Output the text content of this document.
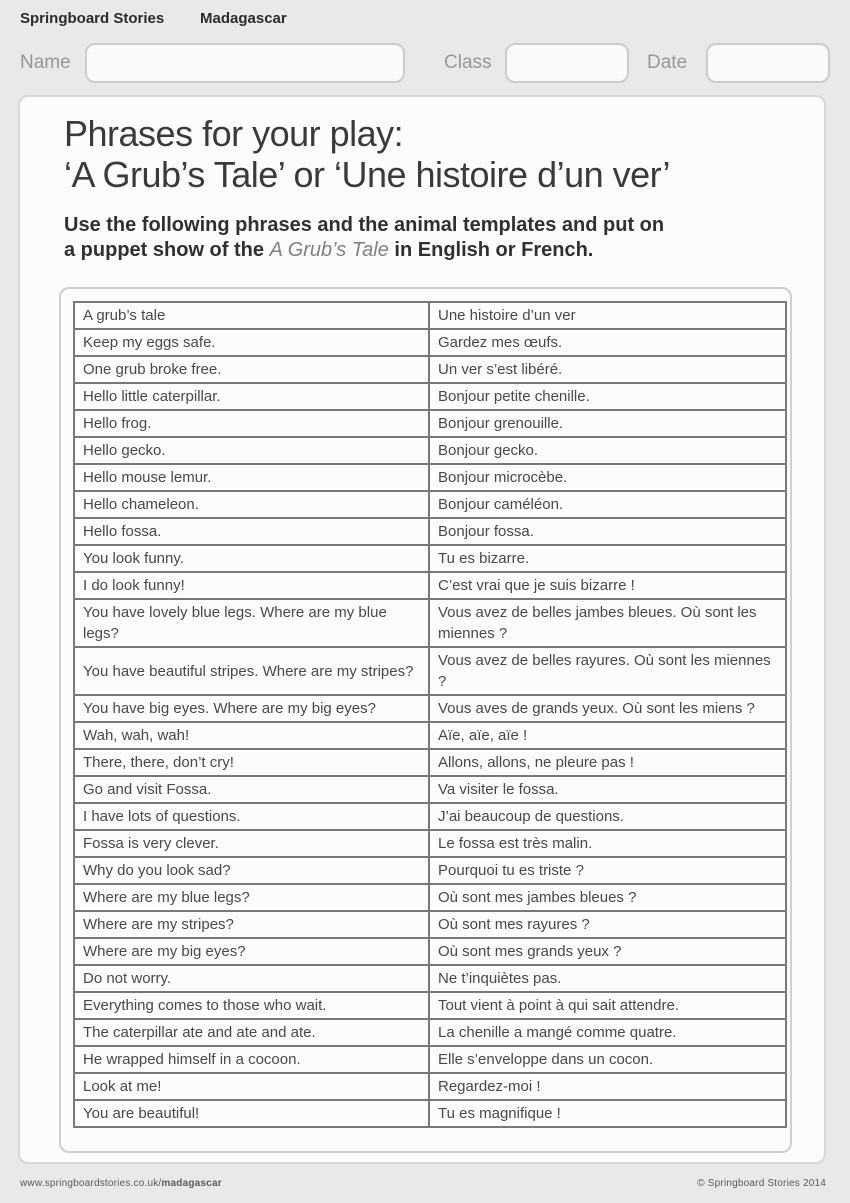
Springboard Stories Madagascar
Name	Class	Date
Phrases for your play:
‘A Grub’s Tale’ or ‘Une histoire d’un ver’
Use the following phrases and the animal templates and put on
a puppet show of the A Grub’s Tale in English or French.
A grub’s tale	Une histoire d’un ver
Keep my eggs safe.	Gardez mes œufs.
One grub broke free.	Un ver s’est libéré.
Hello little caterpillar.	Bonjour petite chenille.
Hello frog.	Bonjour grenouille.
Hello gecko.	Bonjour gecko.
Hello mouse lemur.	Bonjour microcèbe.
Hello chameleon.	Bonjour caméléon.
Hello fossa.	Bonjour fossa.
You look funny.	Tu es bizarre.
I do look funny!	C’est vrai que je suis bizarre !
You have lovely blue legs. Where are my blue legs?	Vous avez de belles jambes bleues. Où sont les miennes ?
You have beautiful stripes. Where are my stripes?	Vous avez de belles rayures. Où sont les miennes ?
You have big eyes. Where are my big eyes?	Vous aves de grands yeux. Où sont les miens ?
Wah, wah, wah!	Aïe, aïe, aïe !
There, there, don’t cry!	Allons, allons, ne pleure pas !
Go and visit Fossa.	Va visiter le fossa.
I have lots of questions.	J’ai beaucoup de questions.
Fossa is very clever.	Le fossa est très malin.
Why do you look sad?	Pourquoi tu es triste ?
Where are my blue legs?	Où sont mes jambes bleues ?
Where are my stripes?	Où sont mes rayures ?
Where are my big eyes?	Où sont mes grands yeux ?
Do not worry.	Ne t’inquiètes pas.
Everything comes to those who wait.	Tout vient à point à qui sait attendre.
The caterpillar ate and ate and ate.	La chenille a mangé comme quatre.
He wrapped himself in a cocoon.	Elle s’enveloppe dans un cocon.
Look at me!	Regardez-moi !
You are beautiful!	Tu es magnifique !
www.springboardstories.co.uk/madagascar	© Springboard Stories 2014
